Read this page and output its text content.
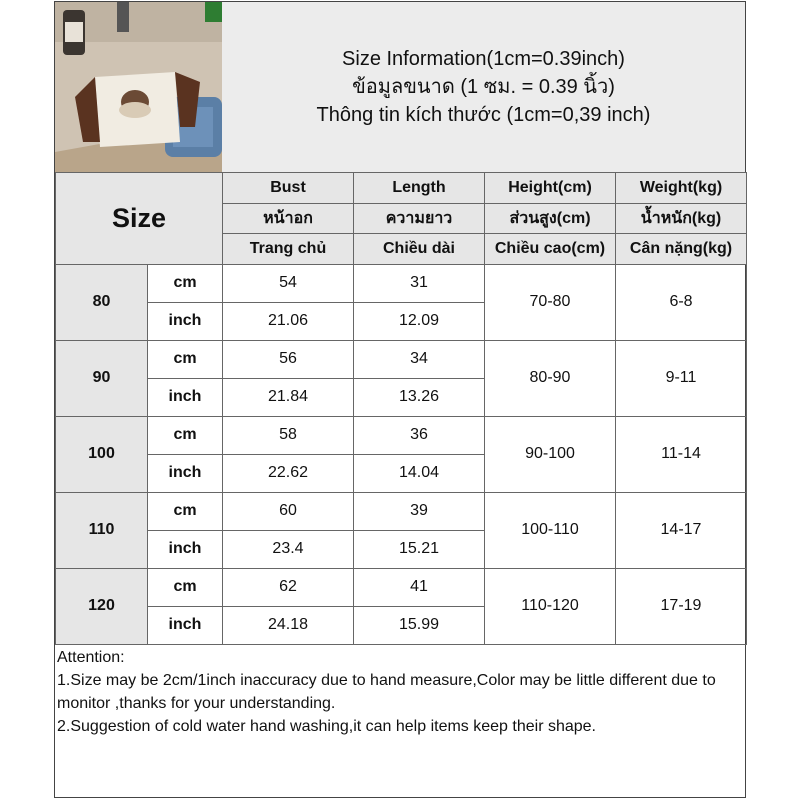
Size Information(1cm=0.39inch)
ข้อมูลขนาด (1 ซม. = 0.39 นิ้ว)
Thông tin kích thước (1cm=0,39 inch)
Size		Bust	Length	Height(cm)	Weight(kg)
		หน้าอก	ความยาว	ส่วนสูง(cm)	น้ำหนัก(kg)
		Trang chủ	Chiều dài	Chiều cao(cm)	Cân nặng(kg)
80	cm	54	31	70-80	6-8
	inch	21.06	12.09		
90	cm	56	34	80-90	9-11
	inch	21.84	13.26		
100	cm	58	36	90-100	11-14
	inch	22.62	14.04		
110	cm	60	39	100-110	14-17
	inch	23.4	15.21		
120	cm	62	41	110-120	17-19
	inch	24.18	15.99		
Attention:
1.Size may be 2cm/1inch inaccuracy due to hand measure,Color may be little different due to monitor ,thanks for your understanding.
2.Suggestion of cold water hand washing,it can help items keep their shape.
